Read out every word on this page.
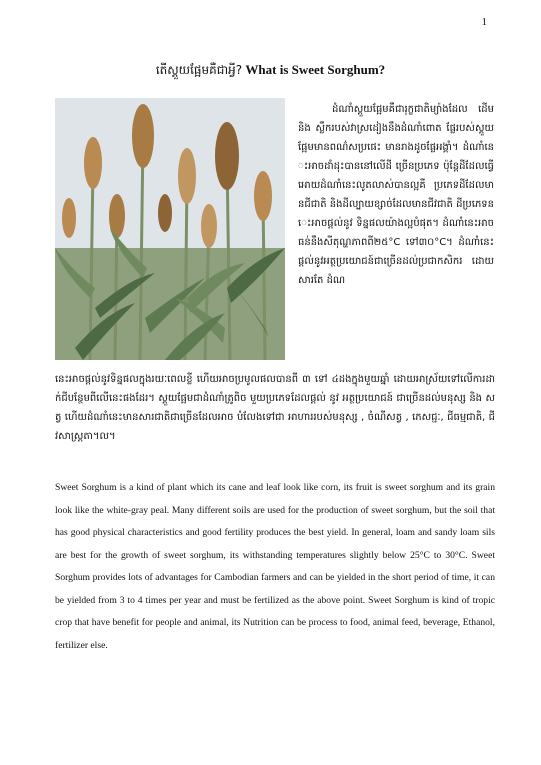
1
តើស្គួយផ្អែមគឺជាអ្វី? What is Sweet Sorghum?

ដំណាំស្គួយផ្អែមគឺជារុក្ខជាតិម្យ៉ាងដែល ដើម និង ស្លឹករបស់វាស្រដៀងនឹងដំណាំពោត ផ្លែរបស់ស្គួយផ្អែមមានពណ៌សប្រផេះ មានរាងដូចផ្លែអង្គាំ។ ដំណាំនេះអាចដាំដុះបាននៅលើដី ច្រើនប្រភេទ ប៉ុន្តែដីដែលធ្វើអោយដំណាំនេះលូតលាស់បានល្អគឺ ប្រភេទដីដែលមានជីជាតិ និងដីល្បាយខ្សាច់ដែលមានជីវជាតិ ដីប្រភេទនេះអាចផ្តល់នូវ ទិន្នផលយ៉ាងល្អបំផុត។ ដំណាំនេះអាចធន់នឹងសីតុណ្ហភាពពី២៥°C ទៅ៣០°C។ ដំណាំនេះផ្តល់នូវអត្ថប្រយោជន៍ជាច្រើនដល់ប្រជាកសិករ ដោយសារតែ ដំណ

នេះអាចផ្តល់នូវទិន្នផលក្នុងរយៈពេលខ្លី ហើយអាចប្រមូលផលបានពី ៣ ទៅ ៤ដងក្នុងមួយឆ្នាំ ដោយអាស្រ័យទៅលើការដាក់ជីបន្ថែមពីលើនេះផងដែរ។ ស្គួយផ្អែមជាដំណាំត្រូពិច មួយប្រភេទដែលផ្តល់ នូវ អត្ថប្រយោជន៍ ជាច្រើនដល់មនុស្ស និង សត្វ ហើយដំណាំនេះមានសារជាតិជាច្រើនដែលអាច បំលែងទៅជា អាហាររបស់មនុស្ស , ចំណីសត្វ , ភេសជ្ជៈ, ជីធម្មជាតិ, ជីវសាស្រ្តតា។ល។

Sweet Sorghum is a kind of plant which its cane and leaf look like corn, its fruit is sweet sorghum and its grain look like the white-gray peal. Many different soils are used for the production of sweet sorghum, but the soil that has good physical characteristics and good fertility produces the best yield. In general, loam and sandy loam sils are best for the growth of sweet sorghum, its withstanding temperatures slightly below 25°C to 30°C. Sweet Sorghum provides lots of advantages for Cambodian farmers and can be yielded in the short period of time, it can be yielded from 3 to 4 times per year and must be fertilized as the above point. Sweet Sorghum is kind of tropic crop that have benefit for people and animal, its Nutrition can be process to food, animal feed, beverage, Ethanol, fertilizer else.
